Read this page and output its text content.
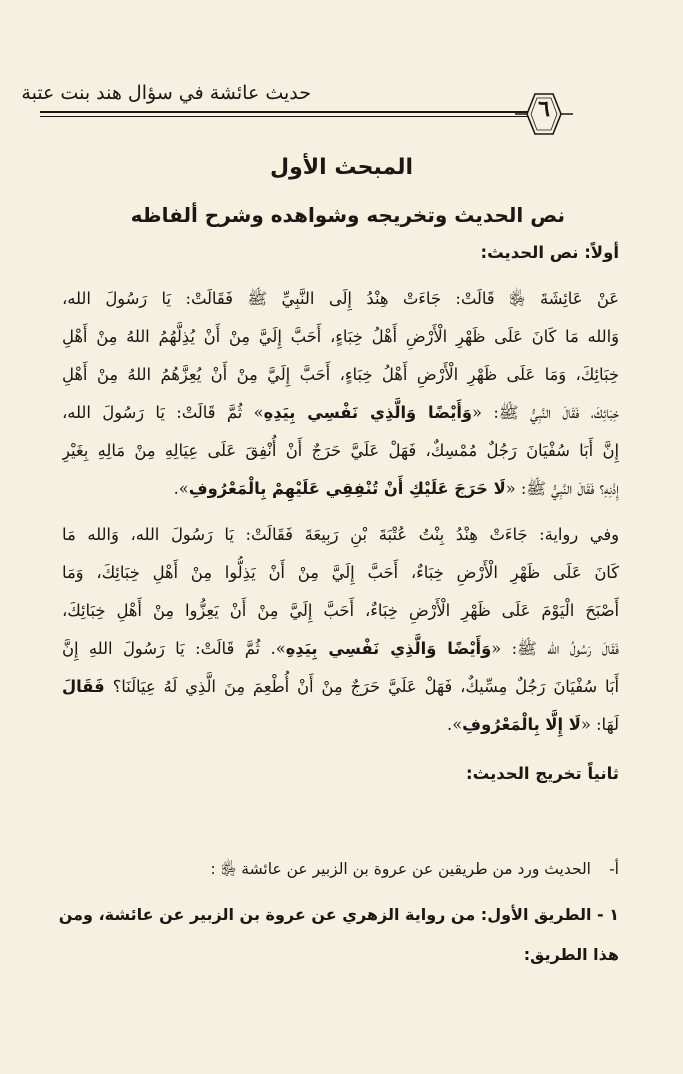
حديث عائشة في سؤال هند بنت عتبة
٦
المبحث الأول
نص الحديث وتخريجه وشواهده وشرح ألفاظه
أولاً: نص الحديث:
عَنْ عَائِشَةَ ﵂ قَالَتْ: جَاءَتْ هِنْدُ إِلَى النَّبِيِّ ﷺ فَقَالَتْ: يَا رَسُولَ الله،
وَالله مَا كَانَ عَلَى ظَهْرِ الْأَرْضِ أَهْلُ خِبَاءٍ، أَحَبَّ إِلَيَّ مِنْ أَنْ يُذِلَّهُمُ اللهُ مِنْ أَهْلِ
خِبَائِكَ، وَمَا عَلَى ظَهْرِ الْأَرْضِ أَهْلُ خِبَاءٍ، أَحَبَّ إِلَيَّ مِنْ أَنْ يُعِزَّهُمُ اللهُ مِنْ أَهْلِ
خِبَائِكَ، فَقَالَ النَّبِيُّ ﷺ: «وَأَيْضًا وَالَّذِي نَفْسِي بِيَدِهِ» ثُمَّ قَالَتْ: يَا رَسُولَ الله،
إِنَّ أَبَا سُفْيَانَ رَجُلٌ مُمْسِكٌ، فَهَلْ عَلَيَّ حَرَجٌ أَنْ أُنْفِقَ عَلَى عِيَالِهِ مِنْ مَالِهِ بِغَيْرِ
إِذْنِهِ؟ فَقَالَ النَّبِيُّ ﷺ: «لَا حَرَجَ عَلَيْكِ أَنْ تُنْفِقِي عَلَيْهِمْ بِالْمَعْرُوفِ».
وفي رواية: جَاءَتْ هِنْدُ بِنْتُ عُتْبَةَ بْنِ رَبِيعَةَ فَقَالَتْ: يَا رَسُولَ الله، وَالله مَا
كَانَ عَلَى ظَهْرِ الْأَرْضِ خِبَاءٌ، أَحَبَّ إِلَيَّ مِنْ أَنْ يَذِلُّوا مِنْ أَهْلِ خِبَائِكَ، وَمَا
أَصْبَحَ الْيَوْمَ عَلَى ظَهْرِ الْأَرْضِ خِبَاءٌ، أَحَبَّ إِلَيَّ مِنْ أَنْ يَعِزُّوا مِنْ أَهْلِ خِبَائِكَ،
فَقَالَ رَسُولُ الله ﷺ: «وَأَيْضًا وَالَّذِي نَفْسِي بِيَدِهِ». ثُمَّ قَالَتْ: يَا رَسُولَ اللهِ إِنَّ
أَبَا سُفْيَانَ رَجُلٌ مِسِّيكٌ، فَهَلْ عَلَيَّ حَرَجٌ مِنْ أَنْ أُطْعِمَ مِنَ الَّذِي لَهُ عِيَالَنَا؟ فَقَالَ
لَهَا: «لَا إِلَّا بِالْمَعْرُوفِ».
ثانياً تخريج الحديث:
أ-
الحديث ورد من طريقين عن عروة بن الزبير عن عائشة ﵂ :
١ - الطريق الأول: من رواية الزهري عن عروة بن الزبير عن عائشة، ومن
هذا الطريق:
